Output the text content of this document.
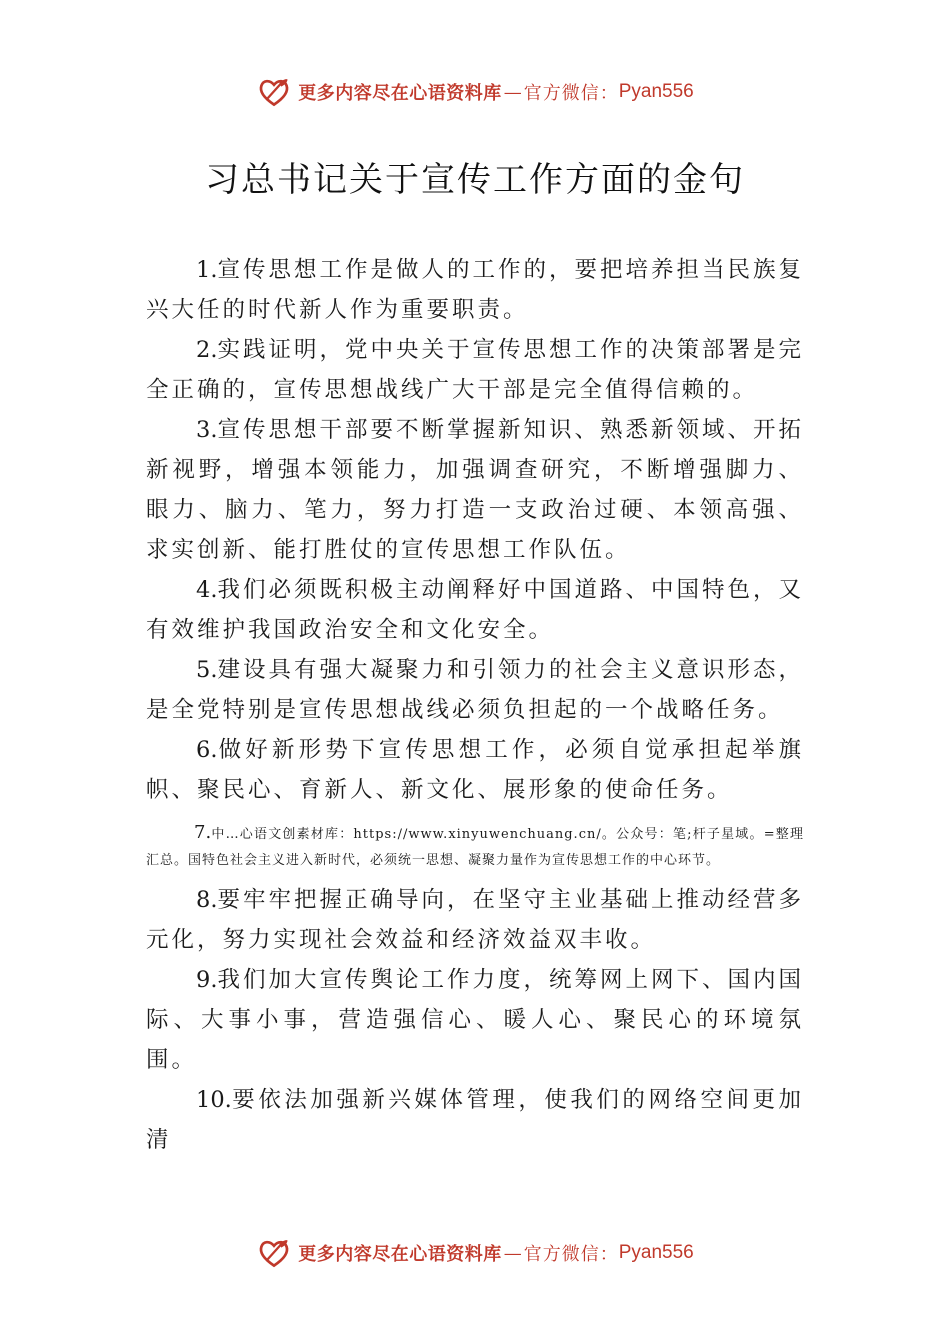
更多内容尽在心语资料库 — 官方微信： Pyan556
习总书记关于宣传工作方面的金句

1.宣传思想工作是做人的工作的，要把培养担当民族复兴大任的时代新人作为重要职责。

2.实践证明，党中央关于宣传思想工作的决策部署是完全正确的，宣传思想战线广大干部是完全值得信赖的。

3.宣传思想干部要不断掌握新知识、熟悉新领域、开拓新视野，增强本领能力，加强调查研究，不断增强脚力、眼力、脑力、笔力，努力打造一支政治过硬、本领高强、求实创新、能打胜仗的宣传思想工作队伍。

4.我们必须既积极主动阐释好中国道路、中国特色，又有效维护我国政治安全和文化安全。

5.建设具有强大凝聚力和引领力的社会主义意识形态，是全党特别是宣传思想战线必须负担起的一个战略任务。

6.做好新形势下宣传思想工作，必须自觉承担起举旗帜、聚民心、育新人、新文化、展形象的使命任务。

7.中…心语文创素材库：https://www.xinyuwenchuang.cn/。公众号：笔;杆子星域。=整理汇总。国特色社会主义进入新时代，必须统一思想、凝聚力量作为宣传思想工作的中心环节。

8.要牢牢把握正确导向，在坚守主业基础上推动经营多元化，努力实现社会效益和经济效益双丰收。

9.我们加大宣传舆论工作力度，统筹网上网下、国内国际、大事小事，营造强信心、暖人心、聚民心的环境氛围。

10.要依法加强新兴媒体管理，使我们的网络空间更加清

更多内容尽在心语资料库 — 官方微信： Pyan556
